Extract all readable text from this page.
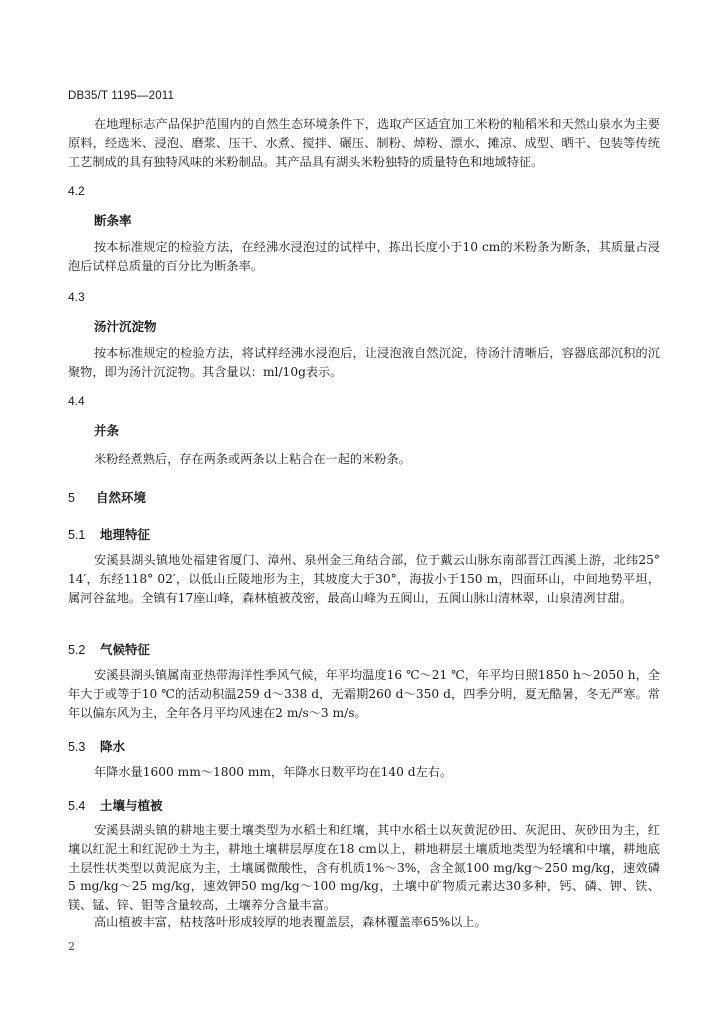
DB35/T 1195—2011
在地理标志产品保护范围内的自然生态环境条件下，选取产区适宜加工米粉的籼稻米和天然山泉水为主要原料，经选米、浸泡、磨浆、压干、水煮、搅拌、碾压、制粉、焯粉、漂水、摊凉、成型、晒干、包装等传统工艺制成的具有独特风味的米粉制品。其产品具有湖头米粉独特的质量特色和地域特征。
4.2
断条率
按本标准规定的检验方法，在经沸水浸泡过的试样中，拣出长度小于10 cm的米粉条为断条，其质量占浸泡后试样总质量的百分比为断条率。
4.3
汤汁沉淀物
按本标准规定的检验方法，将试样经沸水浸泡后，让浸泡液自然沉淀，待汤汁清晰后，容器底部沉积的沉聚物，即为汤汁沉淀物。其含量以：ml/10g表示。
4.4
并条
米粉经煮熟后，存在两条或两条以上粘合在一起的米粉条。
5 自然环境
5.1 地理特征
安溪县湖头镇地处福建省厦门、漳州、泉州金三角结合部，位于戴云山脉东南部晋江西溪上游，北纬25° 14′，东经118° 02′，以低山丘陵地形为主，其坡度大于30°，海拔小于150 m，四面环山，中间地势平坦，属河谷盆地。全镇有17座山峰，森林植被茂密，最高山峰为五阆山，五阆山脉山清林翠，山泉清冽甘甜。
5.2 气候特征
安溪县湖头镇属南亚热带海洋性季风气候，年平均温度16 ℃～21 ℃，年平均日照1850 h～2050 h，全年大于或等于10 ℃的活动积温259 d～338 d，无霜期260 d～350 d，四季分明，夏无酷暑，冬无严寒。常年以偏东风为主，全年各月平均风速在2 m/s～3 m/s。
5.3 降水
年降水量1600 mm～1800 mm，年降水日数平均在140 d左右。
5.4 土壤与植被
安溪县湖头镇的耕地主要土壤类型为水稻土和红壤，其中水稻土以灰黄泥砂田、灰泥田、灰砂田为主，红壤以红泥土和红泥砂土为主，耕地土壤耕层厚度在18 cm以上，耕地耕层土壤质地类型为轻壤和中壤，耕地底土层性状类型以黄泥底为主，土壤属微酸性，含有机质1%～3%，含全氮100 mg/kg～250 mg/kg，速效磷5 mg/kg～25 mg/kg，速效钾50 mg/kg～100 mg/kg，土壤中矿物质元素达30多种，钙、磷、钾、铁、镁、锰、锌、钼等含量较高，土壤养分含量丰富。
高山植被丰富，枯枝落叶形成较厚的地表覆盖层，森林覆盖率65%以上。
2
